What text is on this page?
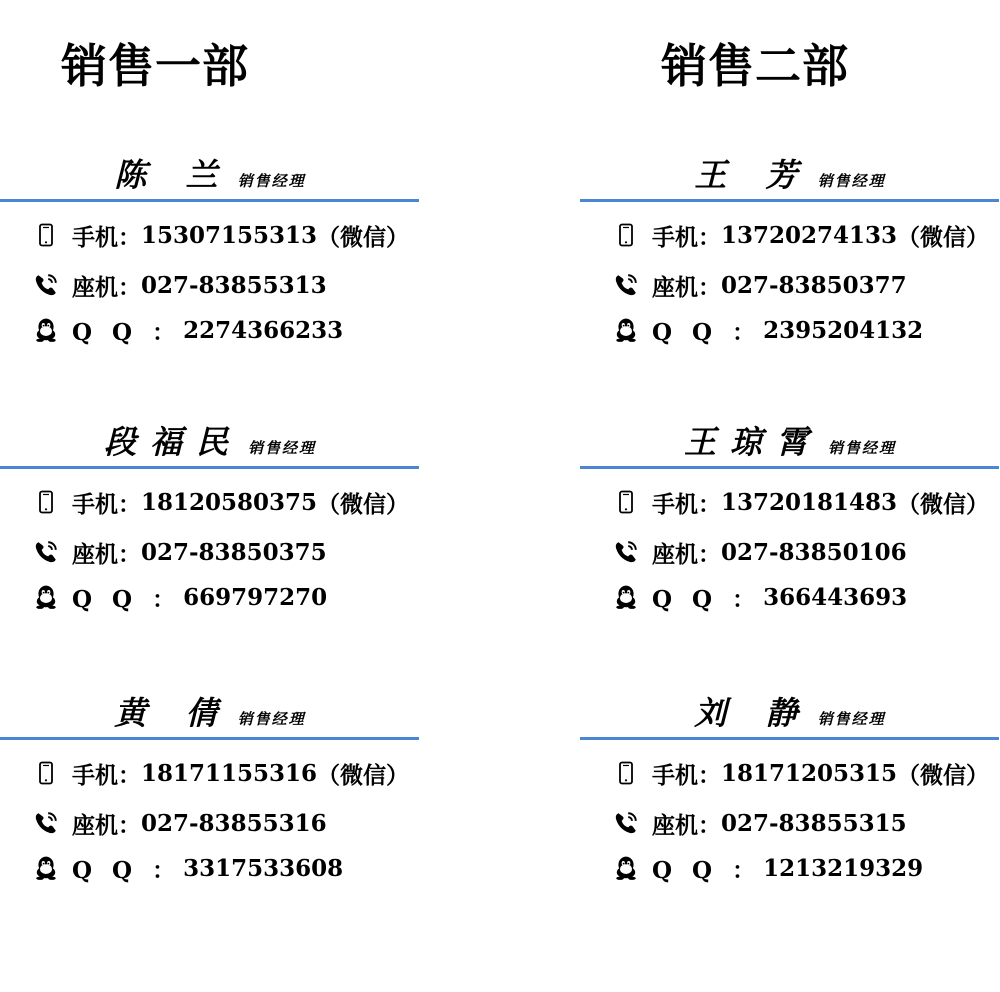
销售一部
陈 兰 销售经理
手机： 15307155313 （微信）
座机： 027-83855313
Q Q ： 2274366233
段福民 销售经理
手机： 18120580375 （微信）
座机： 027-83850375
Q Q ： 669797270
黄 倩 销售经理
手机： 18171155316 （微信）
座机： 027-83855316
Q Q ： 3317533608
销售二部
王 芳 销售经理
手机： 13720274133 （微信）
座机： 027-83850377
Q Q ： 2395204132
王琼霄 销售经理
手机： 13720181483 （微信）
座机： 027-83850106
Q Q ： 366443693
刘 静 销售经理
手机： 18171205315 （微信）
座机： 027-83855315
Q Q ： 1213219329
